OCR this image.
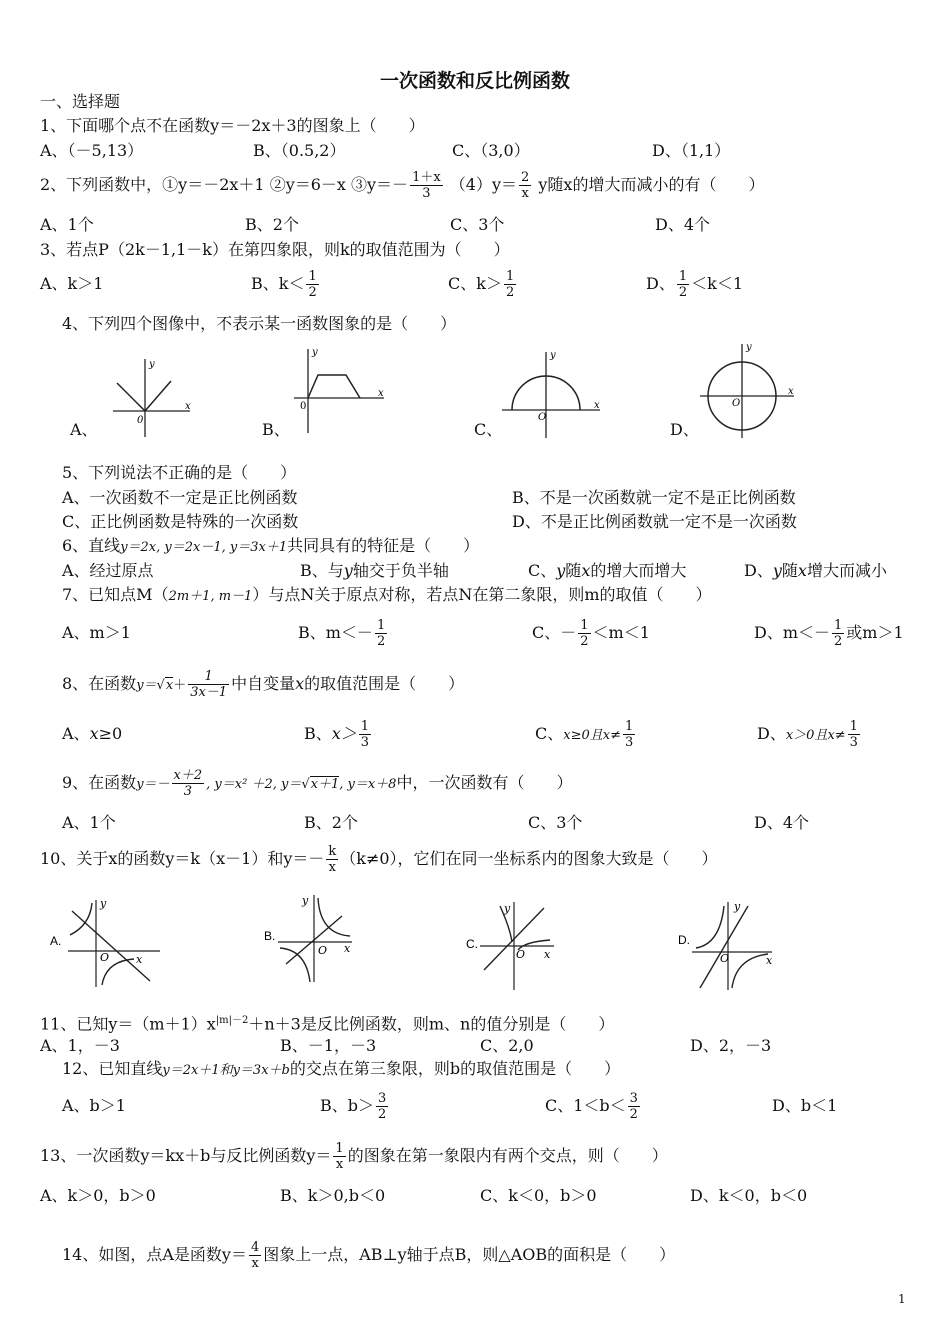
一次函数和反比例函数
一、选择题
1、下面哪个点不在函数y＝－2x＋3的图象上（　　）
A、（－5,13）	B、（0.5,2）	C、（3,0）	D、（1,1）
2、下列函数中，①y＝－2x＋1 ②y＝6－x ③y＝－ $\frac{1+x}{3} (4)y= \frac{2}{x}$ y随x的增大而减小的有（　　）
A、1个	B、2个	C、3个	D、4个
3、若点P（2k－1,1－k）在第四象限，则k的取值范围为（　　）
A、k＞1	B、$k< \frac{1}{2}$	C、$k> \frac{1}{2}$	D、 $\frac{1}{2} <k<1$
4、下列四个图像中，不表示某一函数图象的是（　　）
A、	B、	C、	D、
y
x
0
y
x
0
y
x
O
y
x
O
5、下列说法不正确的是（　　）
A、一次函数不一定是正比例函数	B、不是一次函数就一定不是正比例函数
C、正比例函数是特殊的一次函数	D、不是正比例函数就一定不是一次函数
6、直线y＝2x, y＝2x－1, y＝3x＋1共同具有的特征是（　　）
A、经过原点	B、与y轴交于负半轴	C、y随x的增大而增大	D、y随x增大而减小
7、已知点M（2m＋1, m－1）与点N关于原点对称，若点N在第二象限，则m的取值（　　）
A、m＞1	B、$m<- \frac{1}{2}$	C、－ $\frac{1}{2} <m<1$	D、$m<- \frac{1}{2}$ 或m＞1
8、在函数$y=√x+ \frac{1}{3x-1}$ 中自变量x的取值范围是（　　）
A、x≥0	B、$x> \frac{1}{3}$	C、x≥0且$x\ne \frac{1}{3}$	D、x＞0且$x\ne \frac{1}{3}$
9、在函数$y=- \frac{x+2}{3}$ , y＝x² ＋2, y＝√x＋1, y＝x＋8中，一次函数有（　　）
A、1个	B、2个	C、3个	D、4个
10、关于x的函数y＝k（x－1）和$y=- \frac{k}{x} (k\ne 0)$，它们在同一坐标系内的图象大致是（　　）
A.
y
x
O
B.
y
x
O	C.
y
x
O
D.
y
x
O
11、已知$y=(m+1)x^{|m|-2}+n+3$是反比例函数，则m、n的值分别是（　　）
A、1，－3	B、－1，－3	C、2,0	D、2，－3
12、已知直线y＝2x＋1和y＝3x＋b的交点在第三象限，则b的取值范围是（　　）
A、b＞1	B、$b> \frac{3}{2}$	C、$1<b< \frac{3}{2}$	D、b＜1
13、一次函数y＝kx＋b与反比例函数$y= \frac{1}{x}$ 的图象在第一象限内有两个交点，则（　　）
A、k＞0，b＞0	B、k＞0,b＜0	C、k＜0，b＞0	D、k＜0，b＜0
14、如图，点A是函数$y= \frac{4}{x}$ 图象上一点，AB⊥y轴于点B，则△AOB的面积是（　　）
1
